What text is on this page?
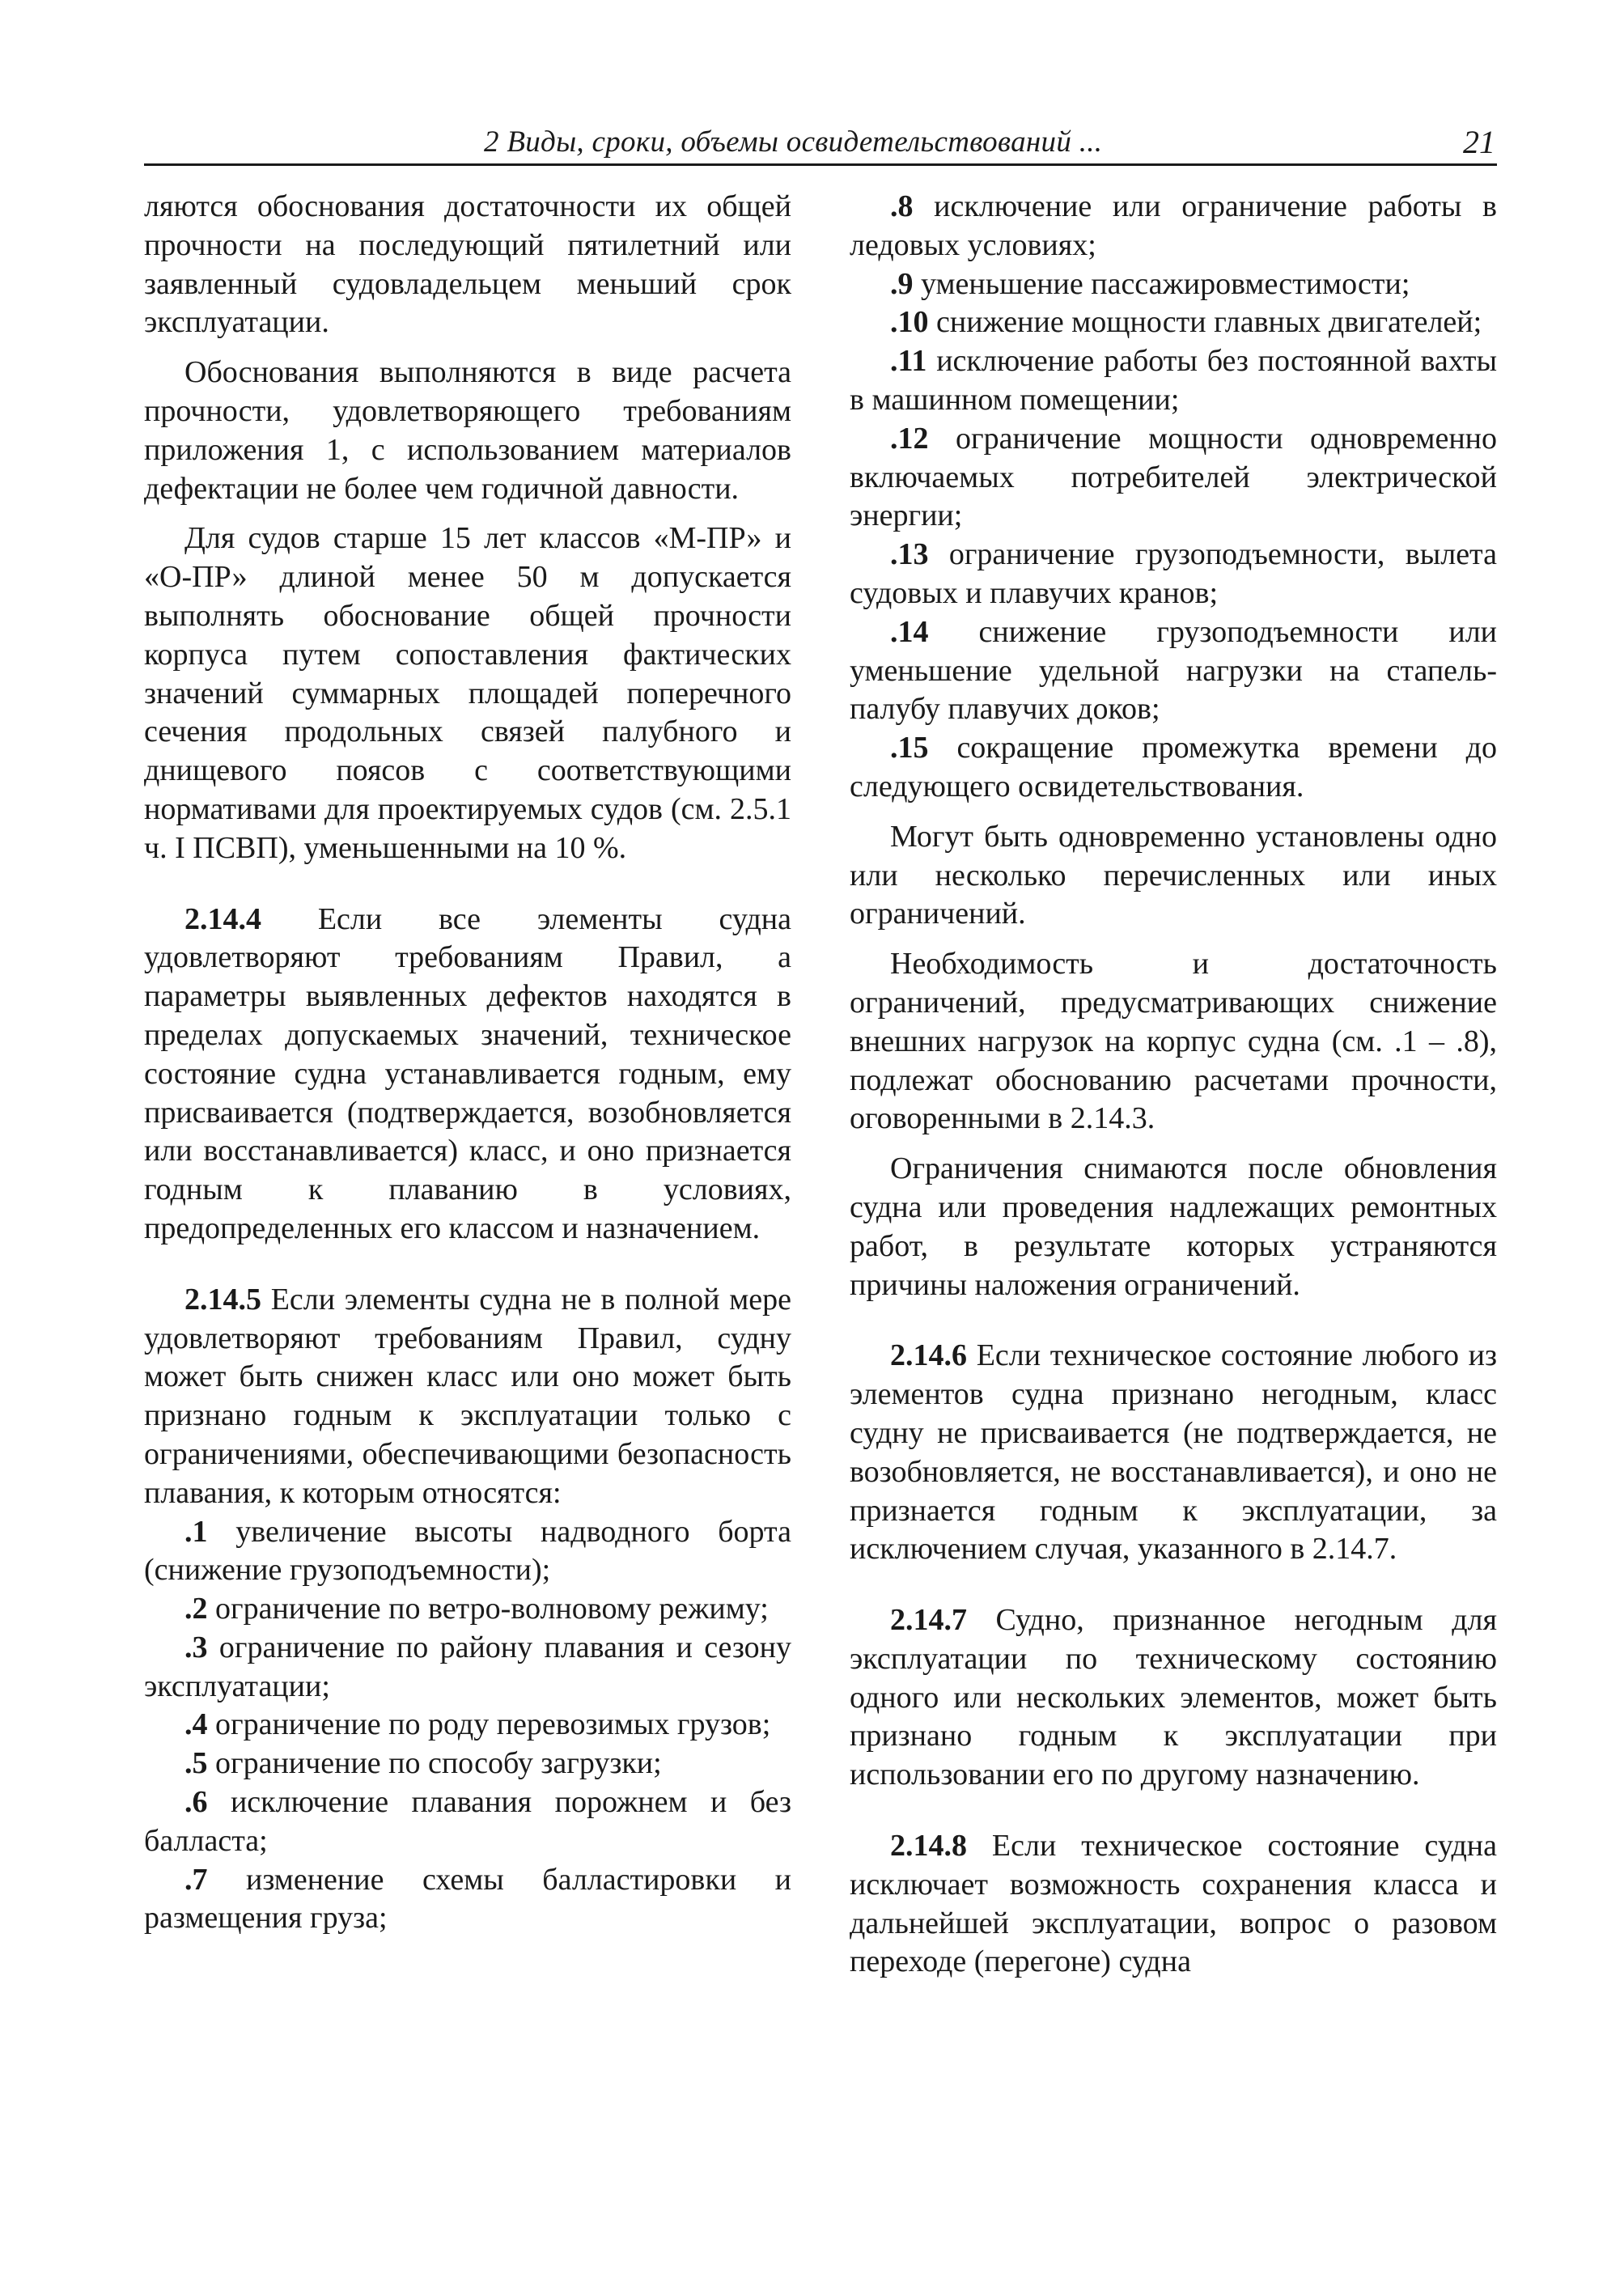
2 Виды, сроки, объемы освидетельствований ...	21

ляются обоснования достаточности их общей прочности на последующий пятилетний или заявленный судовладельцем меньший срок эксплуатации.

Обоснования выполняются в виде расчета прочности, удовлетворяющего требованиям приложения 1, с использованием материалов дефектации не более чем годичной давности.

Для судов старше 15 лет классов «М-ПР» и «О-ПР» длиной менее 50 м допускается выполнять обоснование общей прочности корпуса путем сопоставления фактических значений суммарных площадей поперечного сечения продольных связей палубного и днищевого поясов с соответствующими нормативами для проектируемых судов (см. 2.5.1 ч. I ПСВП), уменьшенными на 10 %.

2.14.4 Если все элементы судна удовлетворяют требованиям Правил, а параметры выявленных дефектов находятся в пределах допускаемых значений, техническое состояние судна устанавливается годным, ему присваивается (подтверждается, возобновляется или восстанавливается) класс, и оно признается годным к плаванию в условиях, предопределенных его классом и назначением.

2.14.5 Если элементы судна не в полной мере удовлетворяют требованиям Правил, судну может быть снижен класс или оно может быть признано годным к эксплуатации только с ограничениями, обеспечивающими безопасность плавания, к которым относятся:

.1 увеличение высоты надводного борта (снижение грузоподъемности);

.2 ограничение по ветро-волновому режиму;

.3 ограничение по району плавания и сезону эксплуатации;

.4 ограничение по роду перевозимых грузов;

.5 ограничение по способу загрузки;

.6 исключение плавания порожнем и без балласта;

.7 изменение схемы балластировки и размещения груза;

.8 исключение или ограничение работы в ледовых условиях;

.9 уменьшение пассажировместимости;

.10 снижение мощности главных двигателей;

.11 исключение работы без постоянной вахты в машинном помещении;

.12 ограничение мощности одновременно включаемых потребителей электрической энергии;

.13 ограничение грузоподъемности, вылета судовых и плавучих кранов;

.14 снижение грузоподъемности или уменьшение удельной нагрузки на стапель-палубу плавучих доков;

.15 сокращение промежутка времени до следующего освидетельствования.

Могут быть одновременно установлены одно или несколько перечисленных или иных ограничений.

Необходимость и достаточность ограничений, предусматривающих снижение внешних нагрузок на корпус судна (см. .1 – .8), подлежат обоснованию расчетами прочности, оговоренными в 2.14.3.

Ограничения снимаются после обновления судна или проведения надлежащих ремонтных работ, в результате которых устраняются причины наложения ограничений.

2.14.6 Если техническое состояние любого из элементов судна признано негодным, класс судну не присваивается (не подтверждается, не возобновляется, не восстанавливается), и оно не признается годным к эксплуатации, за исключением случая, указанного в 2.14.7.

2.14.7 Судно, признанное негодным для эксплуатации по техническому состоянию одного или нескольких элементов, может быть признано годным к эксплуатации при использовании его по другому назначению.

2.14.8 Если техническое состояние судна исключает возможность сохранения класса и дальнейшей эксплуатации, вопрос о разовом переходе (перегоне) судна
